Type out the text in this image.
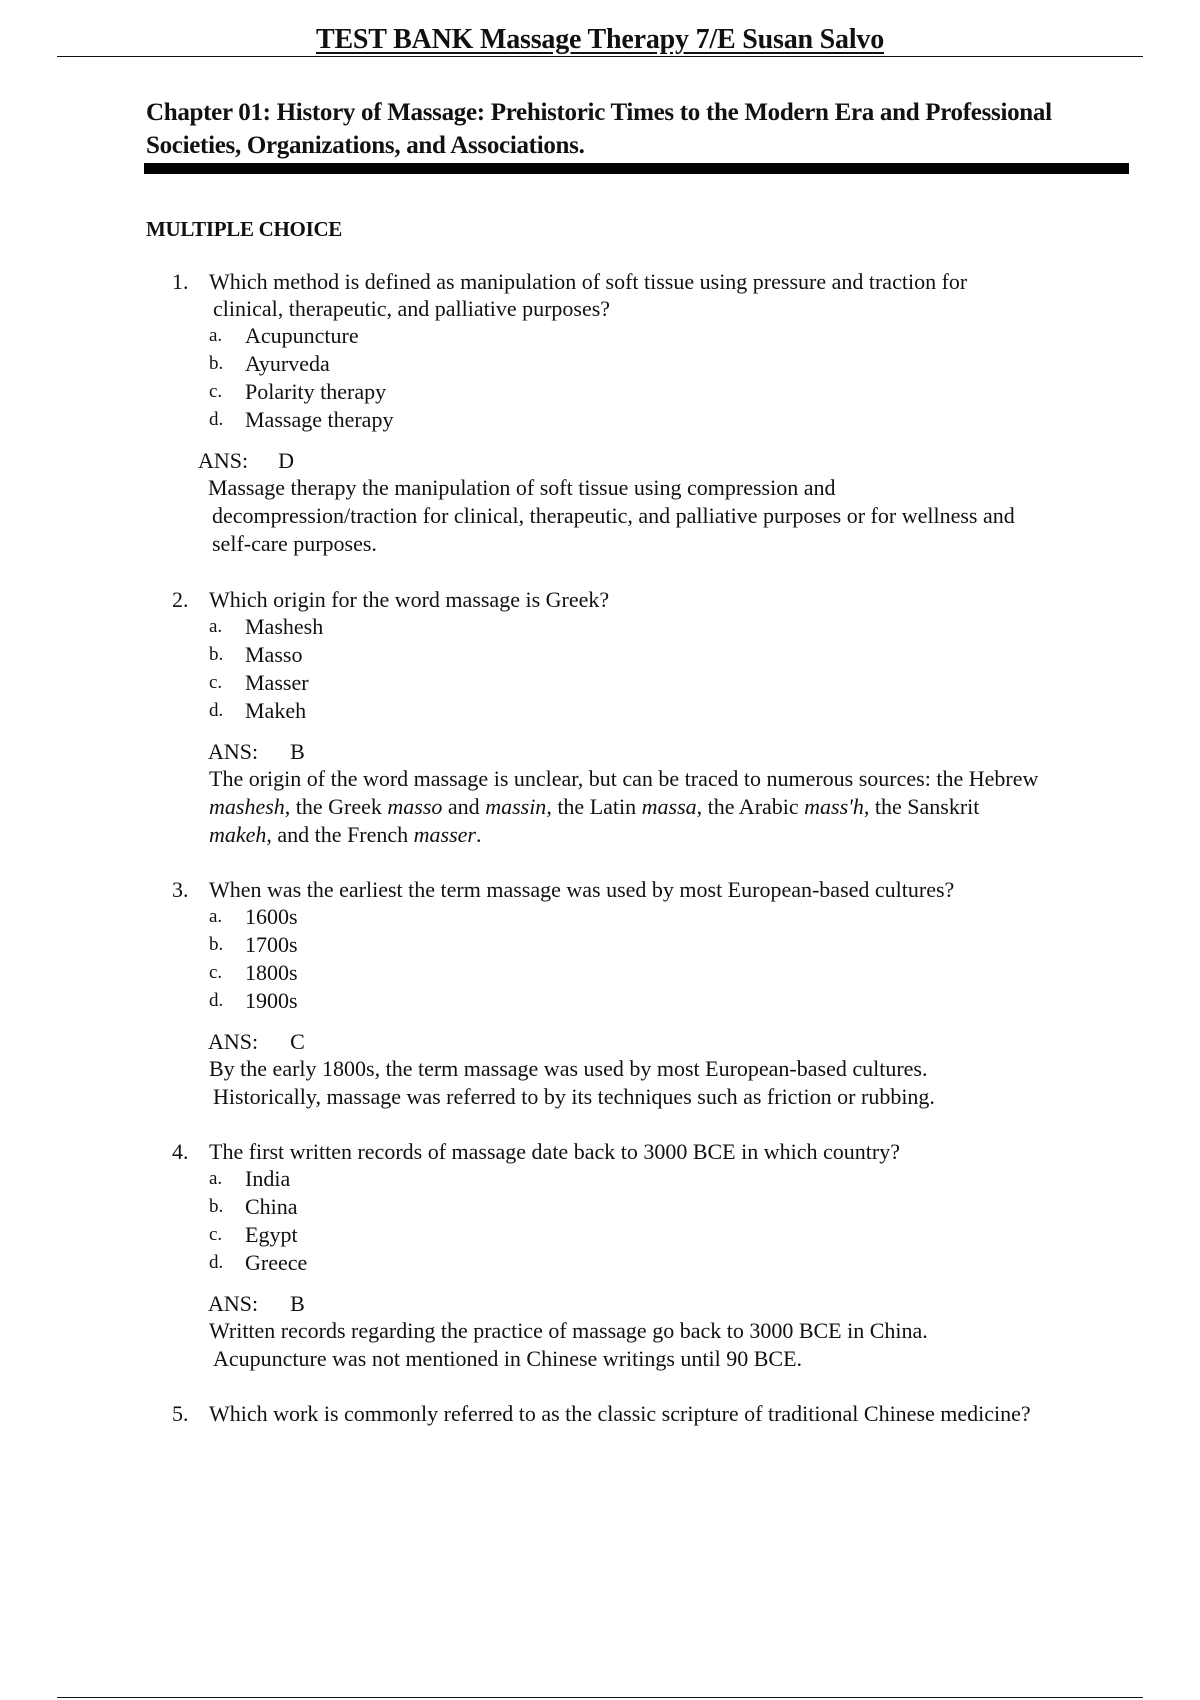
TEST BANK Massage Therapy 7/E Susan Salvo
Chapter 01: History of Massage: Prehistoric Times to the Modern Era and Professional
Societies, Organizations, and Associations.
MULTIPLE CHOICE
1. Which method is defined as manipulation of soft tissue using pressure and traction for
clinical, therapeutic, and palliative purposes?
a. Acupuncture
b. Ayurveda
c. Polarity therapy
d. Massage therapy
ANS: D
Massage therapy the manipulation of soft tissue using compression and
decompression/traction for clinical, therapeutic, and palliative purposes or for wellness and
self-care purposes.
2. Which origin for the word massage is Greek?
a. Mashesh
b. Masso
c. Masser
d. Makeh
ANS: B
The origin of the word massage is unclear, but can be traced to numerous sources: the Hebrew
mashesh, the Greek masso and massin, the Latin massa, the Arabic mass'h, the Sanskrit
makeh, and the French masser.
3. When was the earliest the term massage was used by most European-based cultures?
a. 1600s
b. 1700s
c. 1800s
d. 1900s
ANS: C
By the early 1800s, the term massage was used by most European-based cultures.
Historically, massage was referred to by its techniques such as friction or rubbing.
4. The first written records of massage date back to 3000 BCE in which country?
a. India
b. China
c. Egypt
d. Greece
ANS: B
Written records regarding the practice of massage go back to 3000 BCE in China.
Acupuncture was not mentioned in Chinese writings until 90 BCE.
5. Which work is commonly referred to as the classic scripture of traditional Chinese medicine?
